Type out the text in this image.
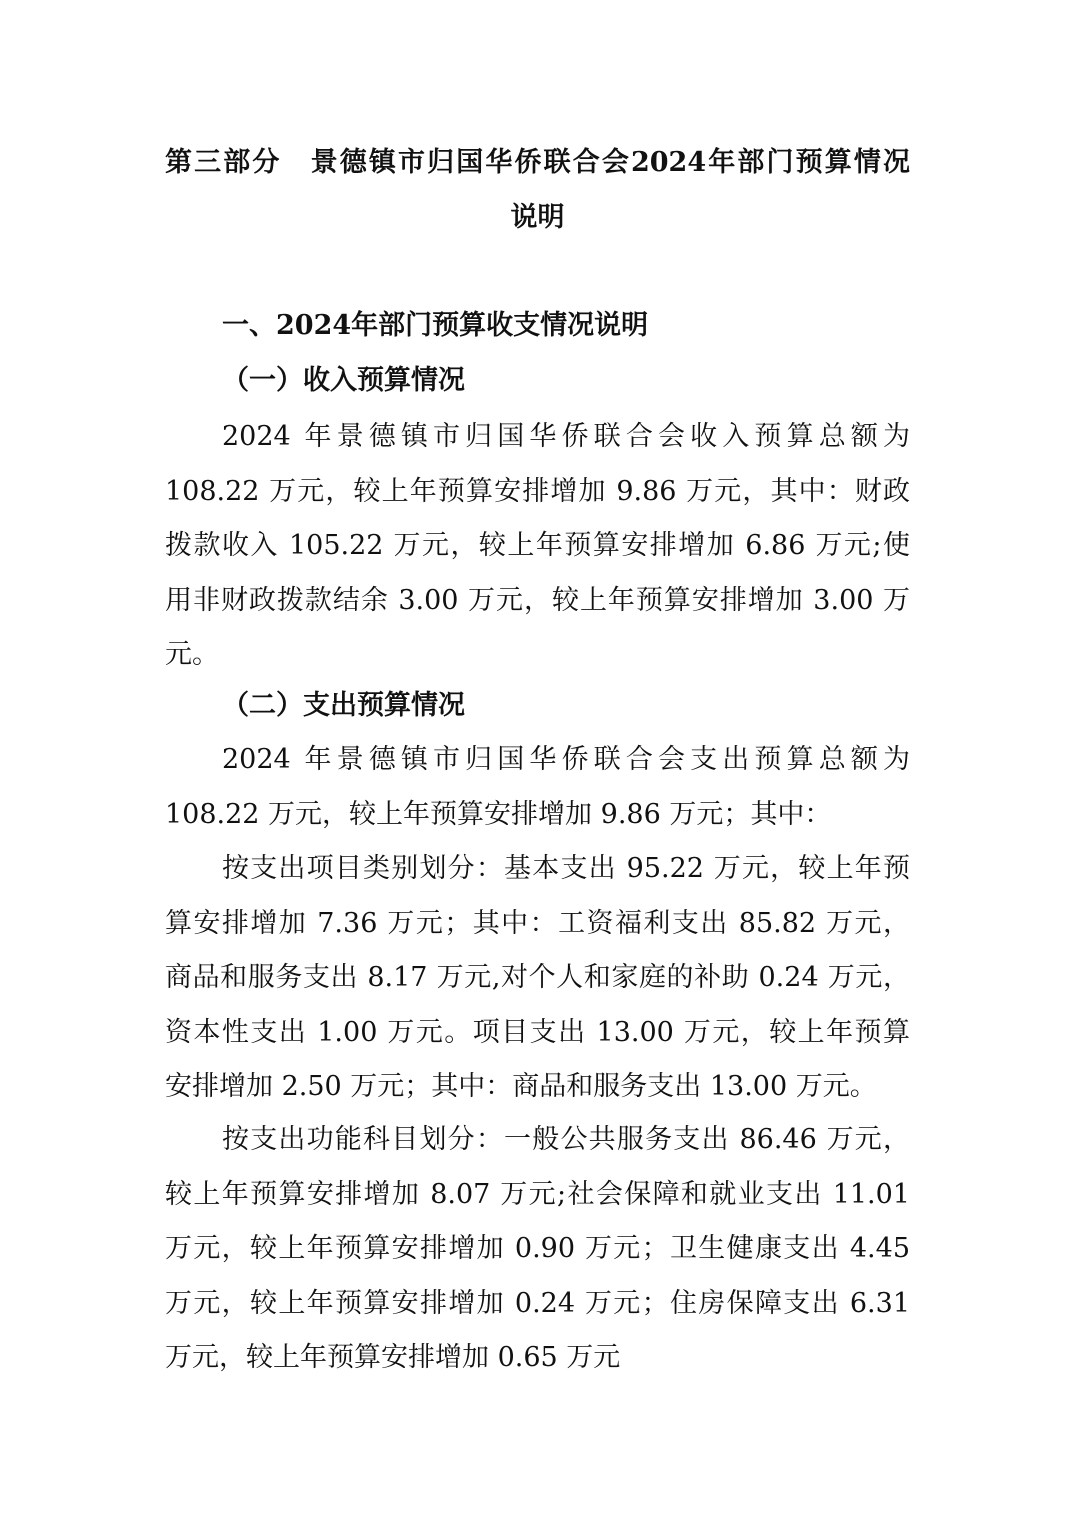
第三部分　景德镇市归国华侨联合会2024年部门预算情况
说明
一、2024年部门预算收支情况说明
（一）收入预算情况
2024 年景德镇市归国华侨联合会收入预算总额为
108.22 万元，较上年预算安排增加 9.86 万元，其中：财政
拨款收入 105.22 万元，较上年预算安排增加 6.86 万元;使
用非财政拨款结余 3.00 万元，较上年预算安排增加 3.00 万
元。
（二）支出预算情况
2024 年景德镇市归国华侨联合会支出预算总额为
108.22 万元，较上年预算安排增加 9.86 万元；其中：
按支出项目类别划分：基本支出 95.22 万元，较上年预
算安排增加 7.36 万元；其中：工资福利支出 85.82 万元，
商品和服务支出 8.17 万元,对个人和家庭的补助 0.24 万元，
资本性支出 1.00 万元。项目支出 13.00 万元，较上年预算
安排增加 2.50 万元；其中：商品和服务支出 13.00 万元。
按支出功能科目划分：一般公共服务支出 86.46 万元，
较上年预算安排增加 8.07 万元;社会保障和就业支出 11.01
万元，较上年预算安排增加 0.90 万元；卫生健康支出 4.45
万元，较上年预算安排增加 0.24 万元；住房保障支出 6.31
万元，较上年预算安排增加 0.65 万元
